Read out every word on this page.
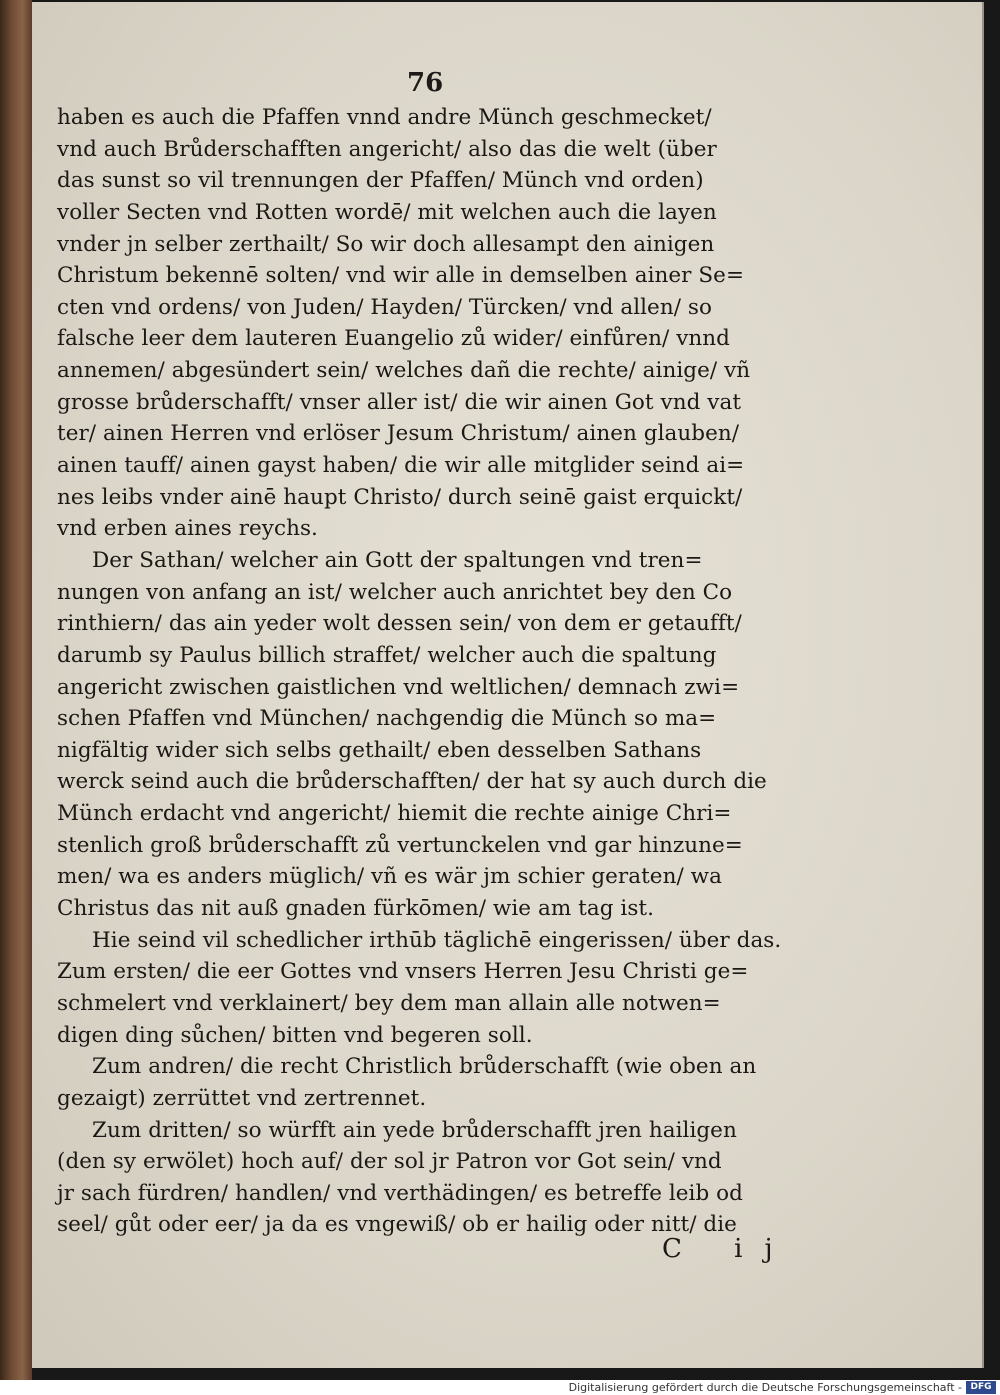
76
haben es auch die Pfaffen vnnd andre Münch geschmecket/
vnd auch Brůderschafften angericht/ also das die welt (über
das sunst so vil trennungen der Pfaffen/ Münch vnd orden)
voller Secten vnd Rotten wordē/ mit welchen auch die layen
vnder jn selber zerthailt/ So wir doch allesampt den ainigen
Christum bekennē solten/ vnd wir alle in demselben ainer Se=
cten vnd ordens/ von Juden/ Hayden/ Türcken/ vnd allen/ so
falsche leer dem lauteren Euangelio zů wider/ einfůren/ vnnd
annemen/ abgesündert sein/ welches dañ die rechte/ ainige/ vñ
grosse brůderschafft/ vnser aller ist/ die wir ainen Got vnd vat
ter/ ainen Herren vnd erlöser Jesum Christum/ ainen glauben/
ainen tauff/ ainen gayst haben/ die wir alle mitglider seind ai=
nes leibs vnder ainē haupt Christo/ durch seinē gaist erquickt/
vnd erben aines reychs.
Der Sathan/ welcher ain Gott der spaltungen vnd tren=
nungen von anfang an ist/ welcher auch anrichtet bey den Co
rinthiern/ das ain yeder wolt dessen sein/ von dem er getaufft/
darumb sy Paulus billich straffet/ welcher auch die spaltung
angericht zwischen gaistlichen vnd weltlichen/ demnach zwi=
schen Pfaffen vnd München/ nachgendig die Münch so ma=
nigfältig wider sich selbs gethailt/ eben desselben Sathans
werck seind auch die brůderschafften/ der hat sy auch durch die
Münch erdacht vnd angericht/ hiemit die rechte ainige Chri=
stenlich groß brůderschafft zů vertunckelen vnd gar hinzune=
men/ wa es anders müglich/ vñ es wär jm schier geraten/ wa
Christus das nit auß gnaden fürkōmen/ wie am tag ist.
Hie seind vil schedlicher irthūb täglichē eingerissen/ über das.
Zum ersten/ die eer Gottes vnd vnsers Herren Jesu Christi ge=
schmelert vnd verklainert/ bey dem man allain alle notwen=
digen ding sůchen/ bitten vnd begeren soll.
Zum andren/ die recht Christlich brůderschafft (wie oben an
gezaigt) zerrüttet vnd zertrennet.
Zum dritten/ so würfft ain yede brůderschafft jren hailigen
(den sy erwölet) hoch auf/ der sol jr Patron vor Got sein/ vnd
jr sach fürdren/ handlen/ vnd verthädingen/ es betreffe leib od
seel/ gůt oder eer/ ja da es vngewiß/ ob er hailig oder nitt/ die
C ij
Digitalisierung gefördert durch die Deutsche Forschungsgemeinschaft - DFG
